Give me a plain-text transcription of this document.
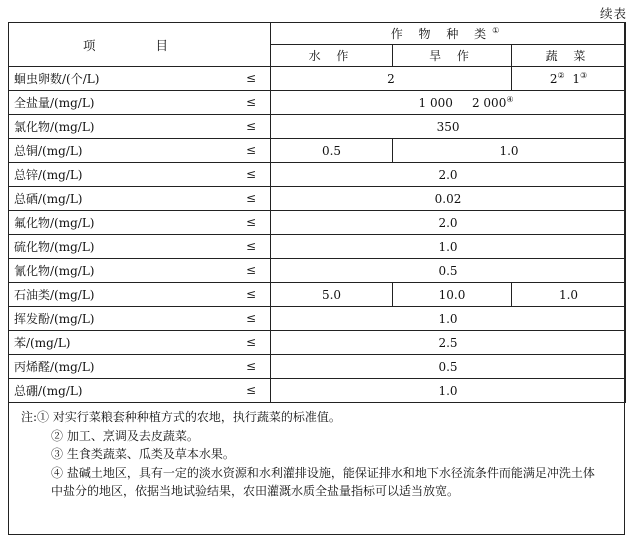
续表
项 目	作 物 种 类①
	水 作	旱 作	蔬 菜
蛔虫卵数/(个/L) ≤	2		2② 1③
全盐量/(mg/L) ≤	1 000 2 000④
氯化物/(mg/L) ≤	350		
总铜/(mg/L) ≤	0.5	1.0	
总锌/(mg/L) ≤	2.0		
总硒/(mg/L) ≤	0.02		
氟化物/(mg/L) ≤	2.0		
硫化物/(mg/L) ≤	1.0		
氰化物/(mg/L) ≤	0.5		
石油类/(mg/L) ≤	5.0	10.0	1.0
挥发酚/(mg/L) ≤	1.0		
苯/(mg/L) ≤	2.5		
丙烯醛/(mg/L) ≤	0.5		
总硼/(mg/L) ≤	1.0		
注:① 对实行菜粮套种种植方式的农地，执行蔬菜的标准值。
② 加工、烹调及去皮蔬菜。
③ 生食类蔬菜、瓜类及草本水果。
④ 盐碱土地区，具有一定的淡水资源和水利灌排设施，能保证排水和地下水径流条件而能满足冲洗土体
中盐分的地区，依据当地试验结果，农田灌溉水质全盐量指标可以适当放宽。
